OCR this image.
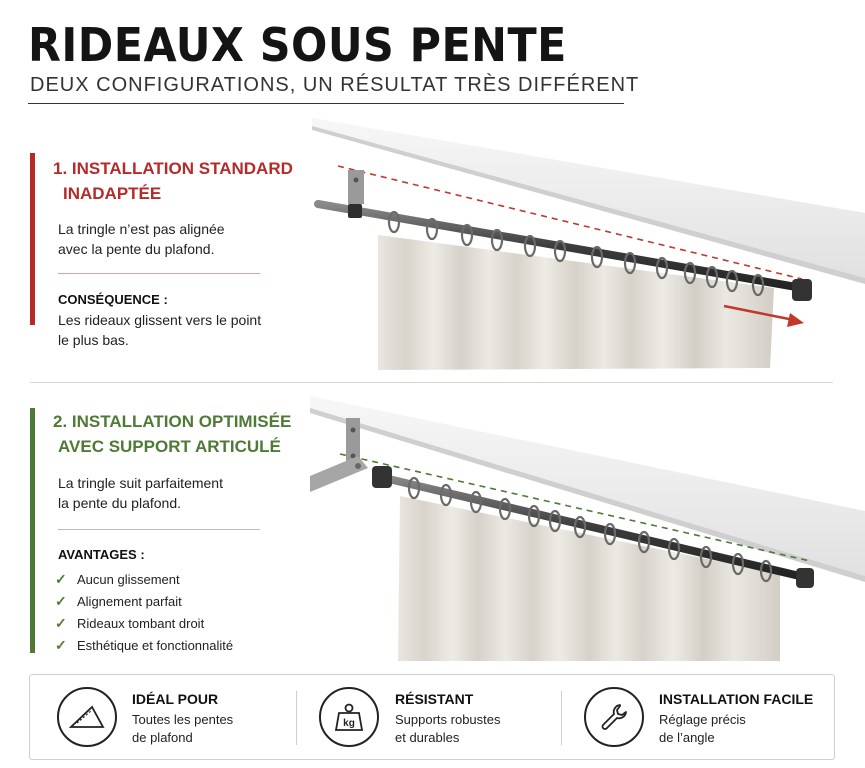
RIDEAUX SOUS PENTE
DEUX CONFIGURATIONS, UN RÉSULTAT TRÈS DIFFÉRENT
1. INSTALLATION STANDARD
INADAPTÉE
La tringle n’est pas alignée
avec la pente du plafond.
CONSÉQUENCE :
Les rideaux glissent vers le point
le plus bas.
2. INSTALLATION OPTIMISÉE
AVEC SUPPORT ARTICULÉ
La tringle suit parfaitement
la pente du plafond.
AVANTAGES :
✓ Aucun glissement
✓ Alignement parfait
✓ Rideaux tombant droit
✓ Esthétique et fonctionnalité
IDÉAL POUR
Toutes les pentes
de plafond
kg
RÉSISTANT
Supports robustes
et durables
INSTALLATION FACILE
Réglage précis
de l’angle
